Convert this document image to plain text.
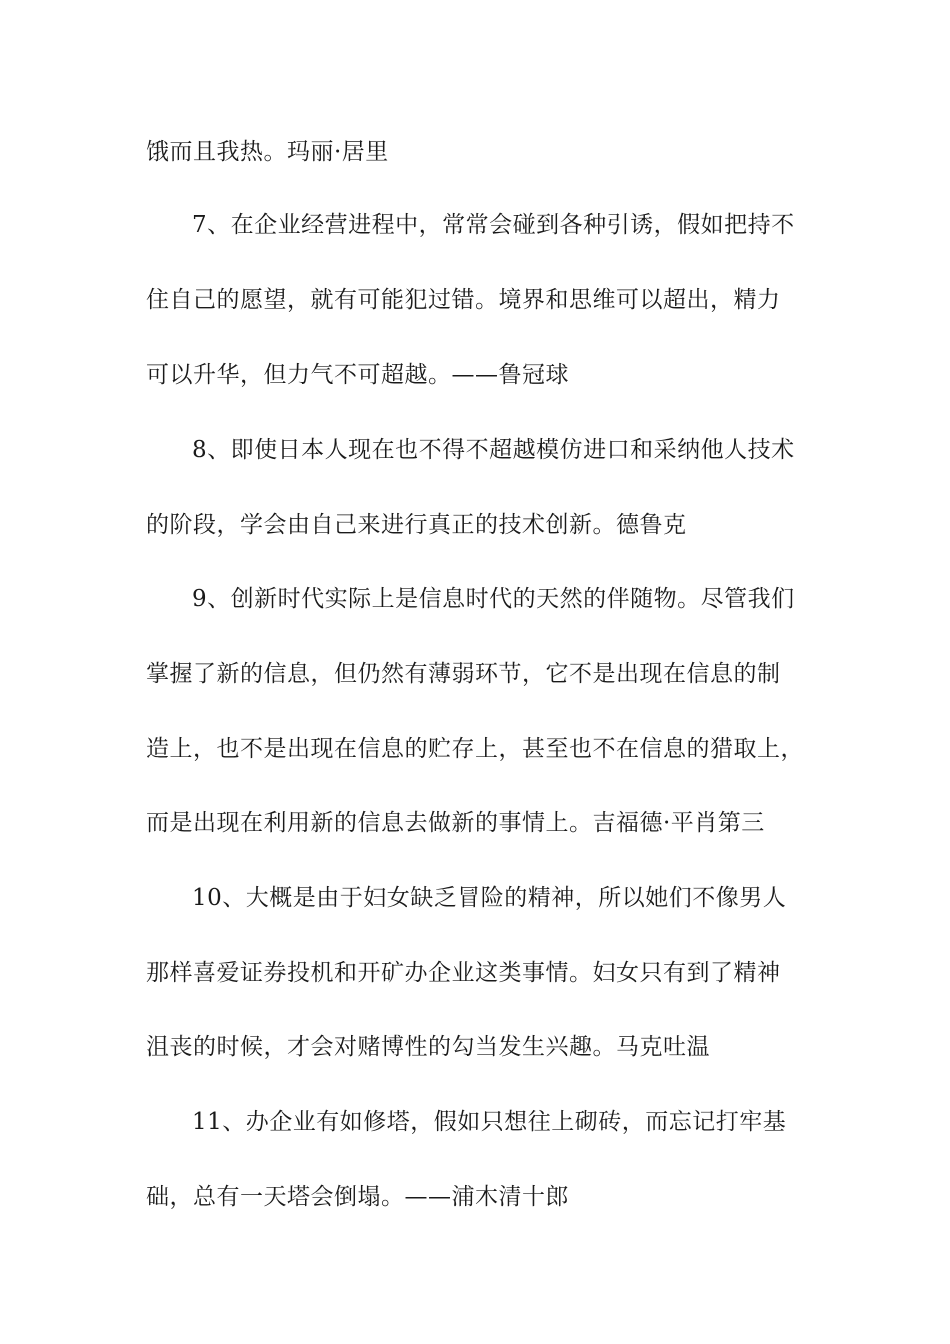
饿而且我热。玛丽·居里
7、在企业经营进程中，常常会碰到各种引诱，假如把持不
住自己的愿望，就有可能犯过错。境界和思维可以超出，精力
可以升华，但力气不可超越。——鲁冠球
8、即使日本人现在也不得不超越模仿进口和采纳他人技术
的阶段，学会由自己来进行真正的技术创新。德鲁克
9、创新时代实际上是信息时代的天然的伴随物。尽管我们
掌握了新的信息，但仍然有薄弱环节，它不是出现在信息的制
造上，也不是出现在信息的贮存上，甚至也不在信息的猎取上，
而是出现在利用新的信息去做新的事情上。吉福德·平肖第三
10、大概是由于妇女缺乏冒险的精神，所以她们不像男人
那样喜爱证券投机和开矿办企业这类事情。妇女只有到了精神
沮丧的时候，才会对赌博性的勾当发生兴趣。马克吐温
11、办企业有如修塔，假如只想往上砌砖，而忘记打牢基
础，总有一天塔会倒塌。——浦木清十郎
